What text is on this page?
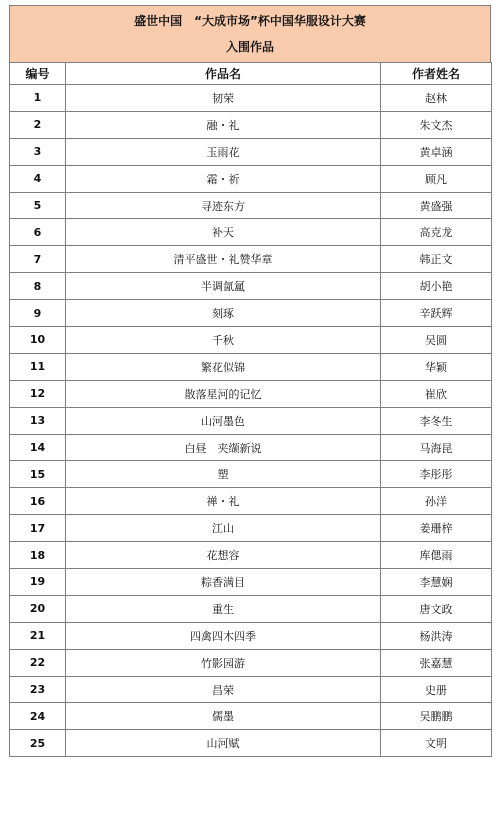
盛世中国　“大成市场”杯中国华服设计大赛
入围作品
编号	作品名	作者姓名
1	韧荣	赵林
2	融・礼	朱文杰
3	玉雨花	黄卓涵
4	霜・祈	顾凡
5	寻迹东方	黄盛强
6	补天	高克龙
7	清平盛世・礼赞华章	韩正文
8	半调氤氲	胡小艳
9	刻琢	辛跃辉
10	千秋	吴圆
11	繁花似锦	华颖
12	散落星河的记忆	崔欣
13	山河墨色	李冬生
14	白昼　夹缬新说	马海昆
15	塑	李彤彤
16	禅・礼	孙洋
17	江山	姜珊梓
18	花想容	库偲雨
19	粽香满目	李慧娴
20	重生	唐文政
21	四禽四木四季	杨洪涛
22	竹影园游	张嘉慧
23	昌荣	史册
24	儒墨	吴鹏鹏
25	山河赋	文明
